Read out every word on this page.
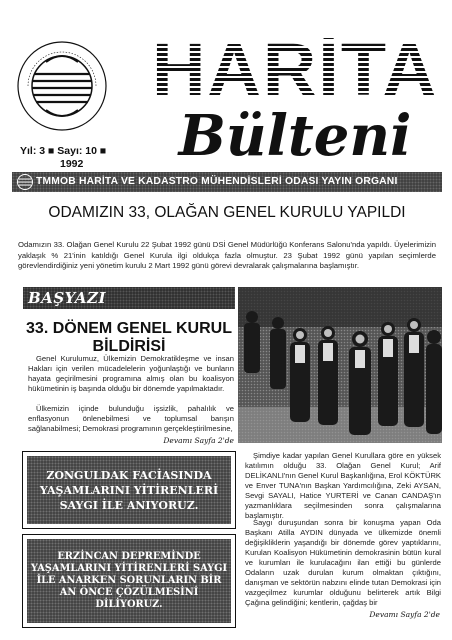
HARİTA
Bülteni
Yıl: 3 ■ Sayı: 10 ■
1992
TMMOB HARİTA VE KADASTRO MÜHENDİSLERİ ODASI YAYIN ORGANI
ODAMIZIN 33, OLAĞAN GENEL KURULU YAPILDI
Odamızın 33. Olağan Genel Kurulu 22 Şubat 1992 günü DSİ Genel Müdürlüğü Konferans Salonu'nda yapıldı. Üyelerimizin yaklaşık % 21'inin katıldığı Genel Kurula ilgi oldukça fazla olmuştur. 23 Şubat 1992 günü yapılan seçimlerde görevlendirdiğiniz yeni yönetim kurulu 2 Mart 1992 günü görevi devralarak çalışmalarına başlamıştır.
BAŞYAZI
33. DÖNEM GENEL KURUL BİLDİRİSİ
Genel Kurulumuz, Ülkemizin Demokratikleşme ve insan Hakları için verilen mücadelelerin yoğunlaştığı ve bunların hayata geçirilmesini programına almış olan bu koalisyon hükümetinin iş başında olduğu bir dönemde yapılmaktadır.
Ülkemizin içinde bulunduğu işsizlik, pahalılık ve enflasyonun önlenebilmesi ve toplumsal barışın sağlanabilmesi; Demokrasi programının gerçekleştirilmesine,
Devamı Sayfa 2'de
ZONGULDAK FACİASINDA YAŞAMLARINI YİTİRENLERİ SAYGI İLE ANIYORUZ.
ERZİNCAN DEPREMİNDE YAŞAMLARINI YİTİRENLERİ SAYGI İLE ANARKEN SORUNLARIN BİR AN ÖNCE ÇÖZÜLMESİNİ DİLİYORUZ.
Şimdiye kadar yapılan Genel Kurullara göre en yüksek katılımın olduğu 33. Olağan Genel Kurul; Arif DELİKANLI'nın Genel Kurul Başkanlığına, Erol KÖKTÜRK ve Enver TUNA'nın Başkan Yardımcılığına, Zeki AYSAN, Sevgi SAYALI, Hatice YURTERİ ve Canan CANDAŞ'ın yazmanlıklara seçilmesinden sonra çalışmalarına başlamıştır.
Saygı duruşundan sonra bir konuşma yapan Oda Başkanı Atilla AYDIN dünyada ve ülkemizde önemli değişikliklerin yaşandığı bir dönemde görev yaptıklarını, Kurulan Koalisyon Hükümetinin demokrasinin bütün kural ve kurumları ile kurulacağını ilan ettiği bu günlerde Odaların uzak durulan kurum olmaktan çıktığını, danışman ve sektörün nabzını elinde tutan Demokrasi için vazgeçilmez kurumlar olduğunu belirterek artık Bilgi Çağına gelindiğini; kentlerin, çağdaş bir
Devamı Sayfa 2'de
